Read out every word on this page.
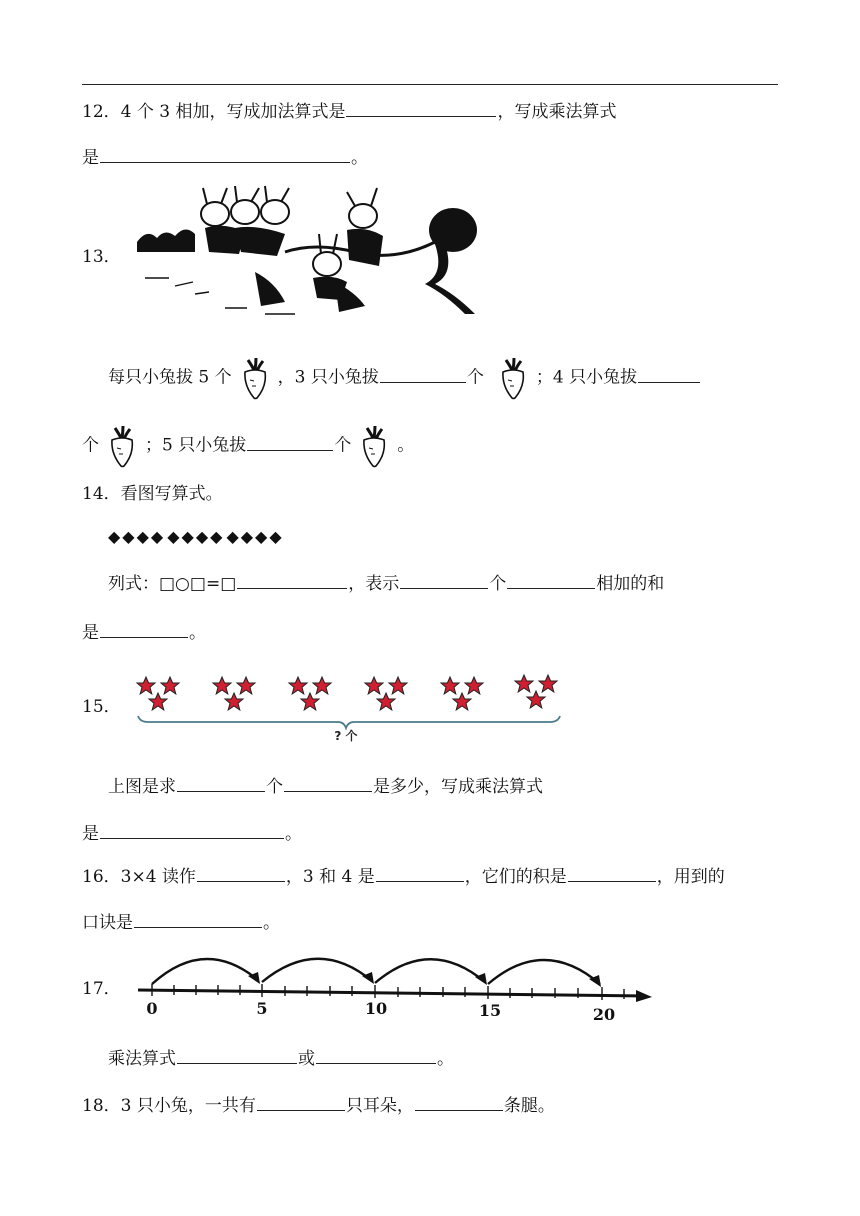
12．4 个 3 相加，写成加法算式是	，写成乘法算式
是	。
13．
每只小兔拔 5 个	，3 只小兔拔	个	；4 只小兔拔
个	；5 只小兔拔	个	。
14．看图写算式。
◆◆◆◆ ◆◆◆◆ ◆◆◆◆
列式：□○□=□	，表示	个	相加的和
是	。
15．
? 个
上图是求	个	是多少，写成乘法算式
是	。
16．3×4 读作	，3 和 4 是	，它们的积是	，用到的
口诀是	。
17．
0	5	10	15	20
乘法算式	或	。
18．3 只小兔，一共有	只耳朵，	条腿。
